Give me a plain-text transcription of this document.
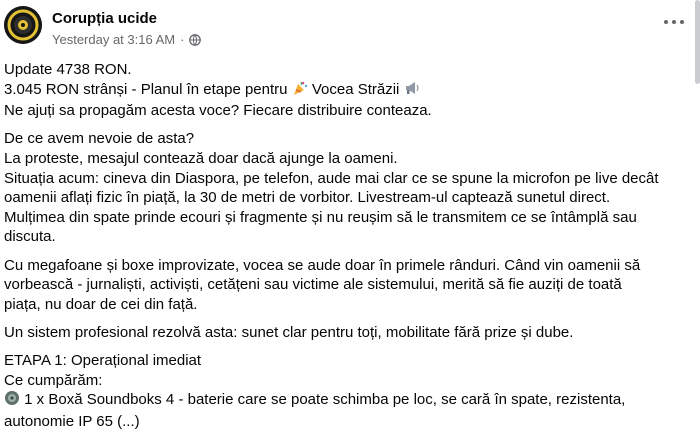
Corupția ucide
Yesterday at 3:16 AM ·

Update 4738 RON.
3.045 RON strânși - Planul în etape pentru Vocea Străzii
Ne ajuți sa propagăm acesta voce? Fiecare distribuire conteaza.

De ce avem nevoie de asta?
La proteste, mesajul contează doar dacă ajunge la oameni.
Situația acum: cineva din Diaspora, pe telefon, aude mai clar ce se spune la microfon pe live decât
oamenii aflați fizic în piață, la 30 de metri de vorbitor. Livestream-ul captează sunetul direct.
Mulțimea din spate prinde ecouri și fragmente și nu reușim să le transmitem ce se întâmplă sau
discuta.

Cu megafoane și boxe improvizate, vocea se aude doar în primele rânduri. Când vin oamenii să
vorbească - jurnaliști, activiști, cetățeni sau victime ale sistemului, merită să fie auziți de toată
piața, nu doar de cei din față.

Un sistem profesional rezolvă asta: sunet clar pentru toți, mobilitate fără prize și dube.

ETAPA 1: Operațional imediat
Ce cumpărăm:
1 x Boxă Soundboks 4 - baterie care se poate schimba pe loc, se cară în spate, rezistenta,
autonomie IP 65 (...)
